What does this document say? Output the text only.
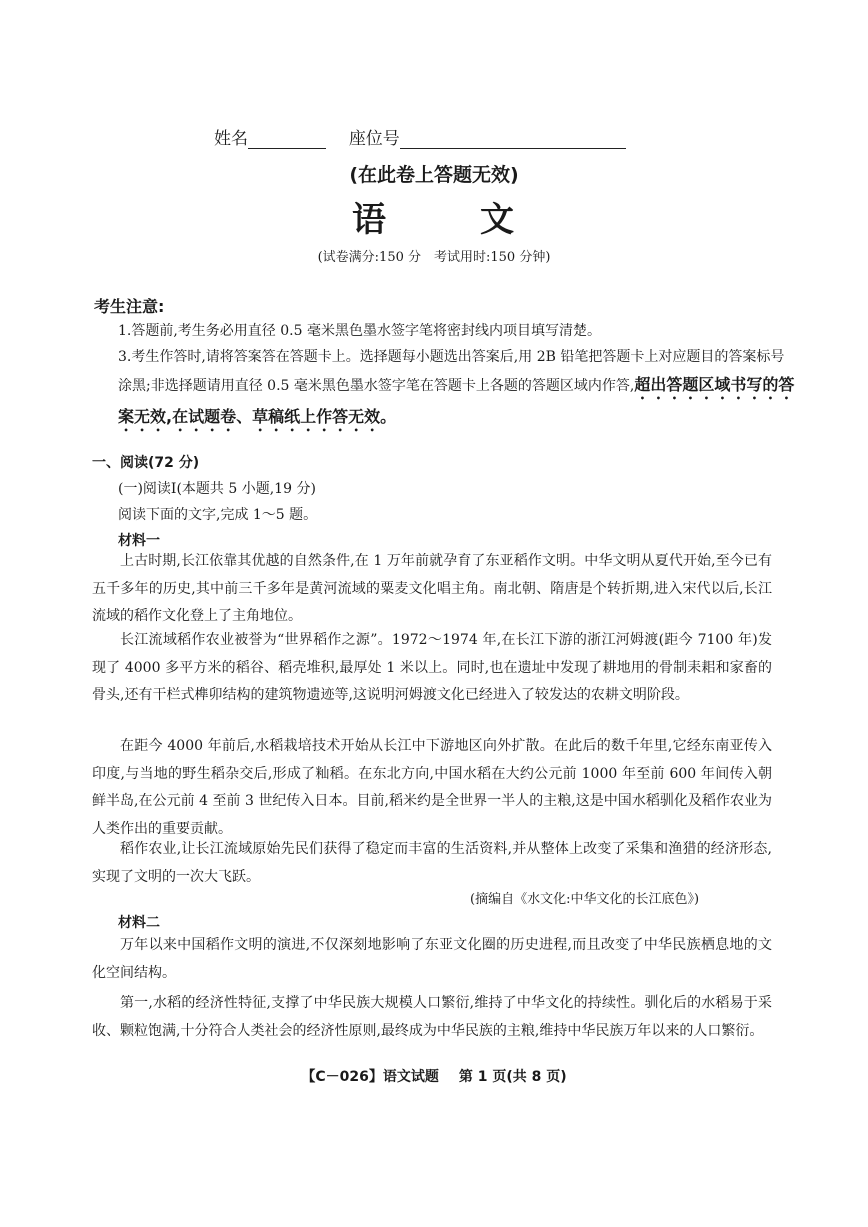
姓名	座位号
(在此卷上答题无效)
语	文
(试卷满分:150 分　考试用时:150 分钟)
考生注意:
1.答题前,考生务必用直径 0.5 毫米黑色墨水签字笔将密封线内项目填写清楚。
3.考生作答时,请将答案答在答题卡上。选择题每小题选出答案后,用 2B 铅笔把答题卡上对应题目的答案标号涂黑;非选择题请用直径 0.5 毫米黑色墨水签字笔在答题卡上各题的答题区域内作答,超出答题区域书写的答案无效,在试题卷、草稿纸上作答无效。
一、阅读(72 分)
(一)阅读Ⅰ(本题共 5 小题,19 分)
阅读下面的文字,完成 1～5 题。
材料一
上古时期,长江依靠其优越的自然条件,在 1 万年前就孕育了东亚稻作文明。中华文明从夏代开始,至今已有五千多年的历史,其中前三千多年是黄河流域的粟麦文化唱主角。南北朝、隋唐是个转折期,进入宋代以后,长江流域的稻作文化登上了主角地位。
长江流域稻作农业被誉为“世界稻作之源”。1972～1974 年,在长江下游的浙江河姆渡(距今 7100 年)发现了 4000 多平方米的稻谷、稻壳堆积,最厚处 1 米以上。同时,也在遗址中发现了耕地用的骨制耒耜和家畜的骨头,还有干栏式榫卯结构的建筑物遗迹等,这说明河姆渡文化已经进入了较发达的农耕文明阶段。
在距今 4000 年前后,水稻栽培技术开始从长江中下游地区向外扩散。在此后的数千年里,它经东南亚传入印度,与当地的野生稻杂交后,形成了籼稻。在东北方向,中国水稻在大约公元前 1000 年至前 600 年间传入朝鲜半岛,在公元前 4 至前 3 世纪传入日本。目前,稻米约是全世界一半人的主粮,这是中国水稻驯化及稻作农业为人类作出的重要贡献。
稻作农业,让长江流域原始先民们获得了稳定而丰富的生活资料,并从整体上改变了采集和渔猎的经济形态,实现了文明的一次大飞跃。
(摘编自《水文化:中华文化的长江底色》)
材料二
万年以来中国稻作文明的演进,不仅深刻地影响了东亚文化圈的历史进程,而且改变了中华民族栖息地的文化空间结构。
第一,水稻的经济性特征,支撑了中华民族大规模人口繁衍,维持了中华文化的持续性。驯化后的水稻易于采收、颗粒饱满,十分符合人类社会的经济性原则,最终成为中华民族的主粮,维持中华民族万年以来的人口繁衍。
【C－026】语文试题 第 1 页(共 8 页)
